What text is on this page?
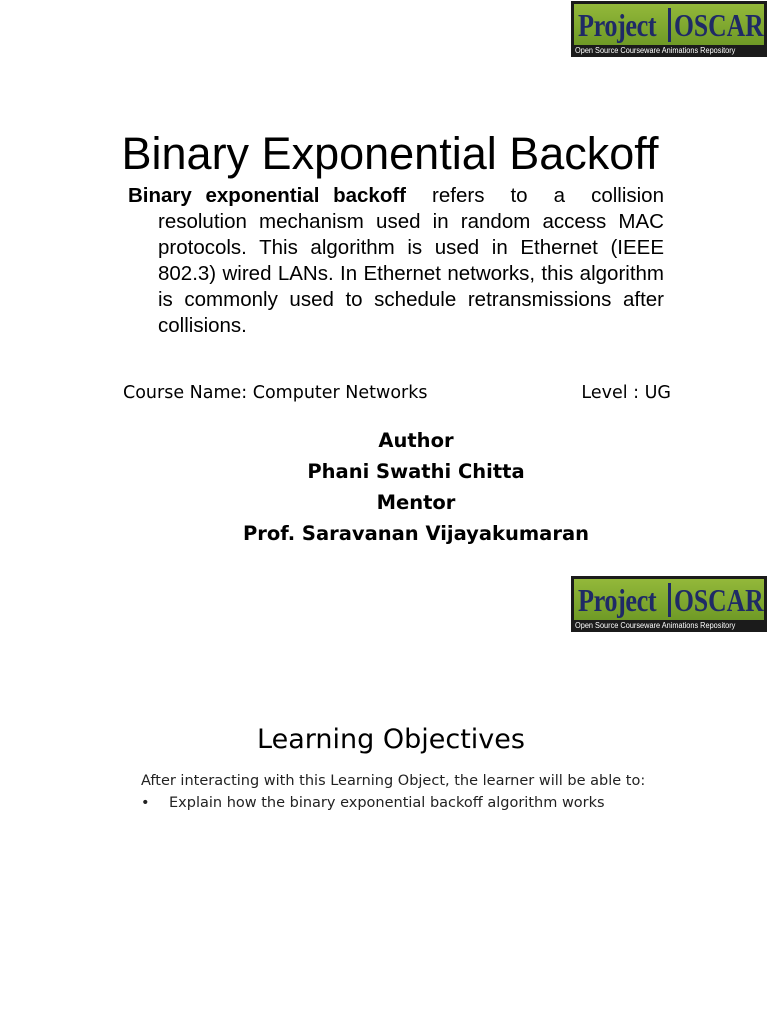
Project OSCAR
Open Source Courseware Animations Repository
Binary Exponential Backoff
Binary exponential backoff refers to a collision
resolution mechanism used in random access MAC protocols. This algorithm is used in Ethernet (IEEE 802.3) wired LANs. In Ethernet networks, this algorithm is commonly used to schedule retransmissions after collisions.
Course Name: Computer Networks	Level : UG
Author
Phani Swathi Chitta
Mentor
Prof. Saravanan Vijayakumaran
Project OSCAR
Open Source Courseware Animations Repository
Learning Objectives
After interacting with this Learning Object, the learner will be able to:
• Explain how the binary exponential backoff algorithm works
